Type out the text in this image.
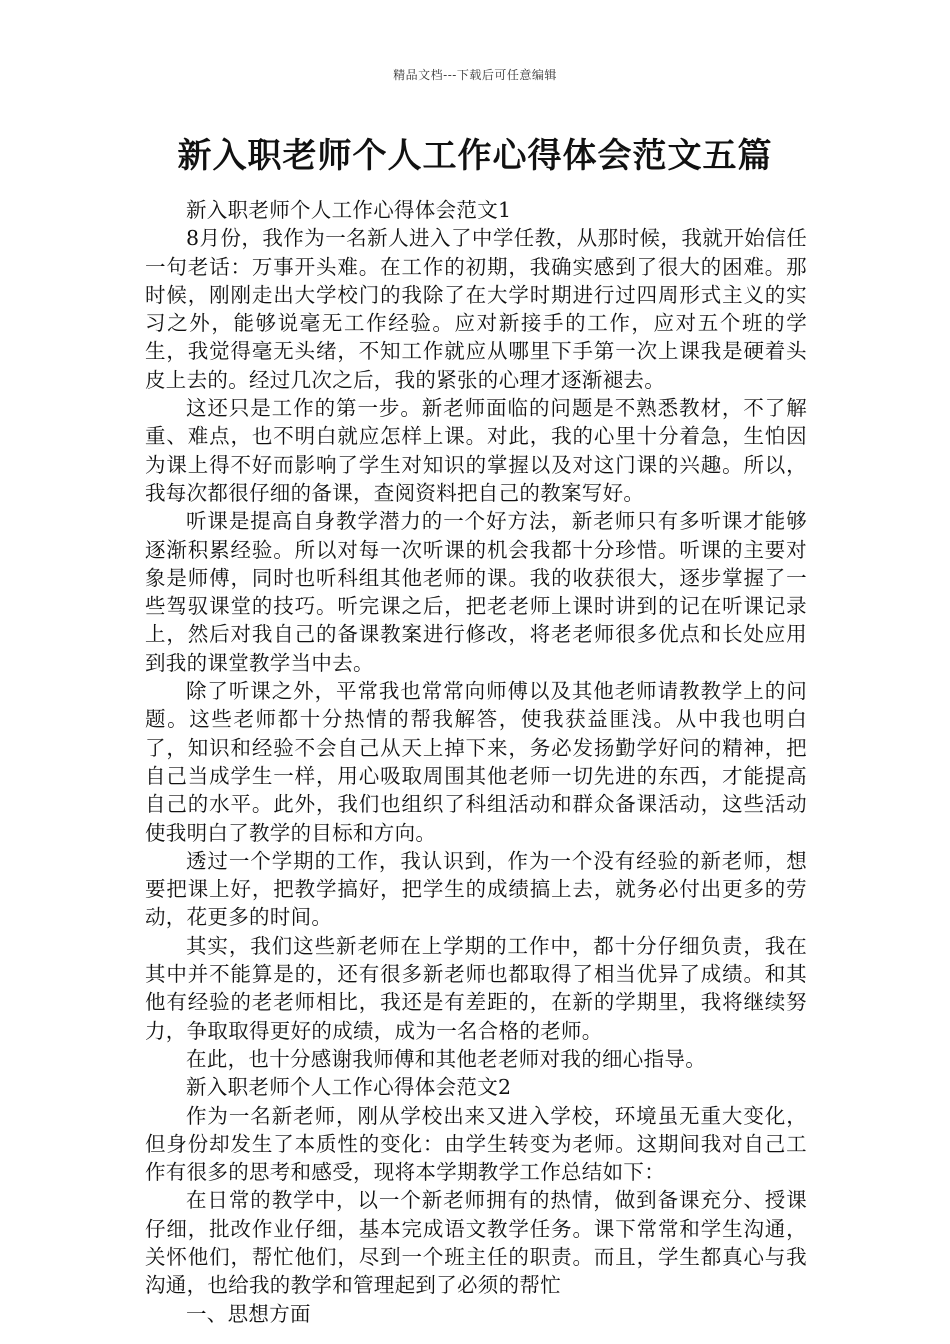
精品文档---下载后可任意编辑
新入职老师个人工作心得体会范文五篇

新入职老师个人工作心得体会范文1

8月份，我作为一名新人进入了中学任教，从那时候，我就开始信任一句老话：万事开头难。在工作的初期，我确实感到了很大的困难。那时候，刚刚走出大学校门的我除了在大学时期进行过四周形式主义的实习之外，能够说毫无工作经验。应对新接手的工作，应对五个班的学生，我觉得毫无头绪，不知工作就应从哪里下手第一次上课我是硬着头皮上去的。经过几次之后，我的紧张的心理才逐渐褪去。

这还只是工作的第一步。新老师面临的问题是不熟悉教材，不了解重、难点，也不明白就应怎样上课。对此，我的心里十分着急，生怕因为课上得不好而影响了学生对知识的掌握以及对这门课的兴趣。所以，我每次都很仔细的备课，查阅资料把自己的教案写好。

听课是提高自身教学潜力的一个好方法，新老师只有多听课才能够逐渐积累经验。所以对每一次听课的机会我都十分珍惜。听课的主要对象是师傅，同时也听科组其他老师的课。我的收获很大，逐步掌握了一些驾驭课堂的技巧。听完课之后，把老老师上课时讲到的记在听课记录上，然后对我自己的备课教案进行修改，将老老师很多优点和长处应用到我的课堂教学当中去。

除了听课之外，平常我也常常向师傅以及其他老师请教教学上的问题。这些老师都十分热情的帮我解答，使我获益匪浅。从中我也明白了，知识和经验不会自己从天上掉下来，务必发扬勤学好问的精神，把自己当成学生一样，用心吸取周围其他老师一切先进的东西，才能提高自己的水平。此外，我们也组织了科组活动和群众备课活动，这些活动使我明白了教学的目标和方向。

透过一个学期的工作，我认识到，作为一个没有经验的新老师，想要把课上好，把教学搞好，把学生的成绩搞上去，就务必付出更多的劳动，花更多的时间。

其实，我们这些新老师在上学期的工作中，都十分仔细负责，我在其中并不能算是的，还有很多新老师也都取得了相当优异了成绩。和其他有经验的老老师相比，我还是有差距的，在新的学期里，我将继续努力，争取取得更好的成绩，成为一名合格的老师。

在此，也十分感谢我师傅和其他老老师对我的细心指导。

新入职老师个人工作心得体会范文2

作为一名新老师，刚从学校出来又进入学校，环境虽无重大变化，但身份却发生了本质性的变化：由学生转变为老师。这期间我对自己工作有很多的思考和感受，现将本学期教学工作总结如下：

在日常的教学中，以一个新老师拥有的热情，做到备课充分、授课仔细，批改作业仔细，基本完成语文教学任务。课下常常和学生沟通，关怀他们，帮忙他们，尽到一个班主任的职责。而且，学生都真心与我沟通，也给我的教学和管理起到了必须的帮忙

一、思想方面
